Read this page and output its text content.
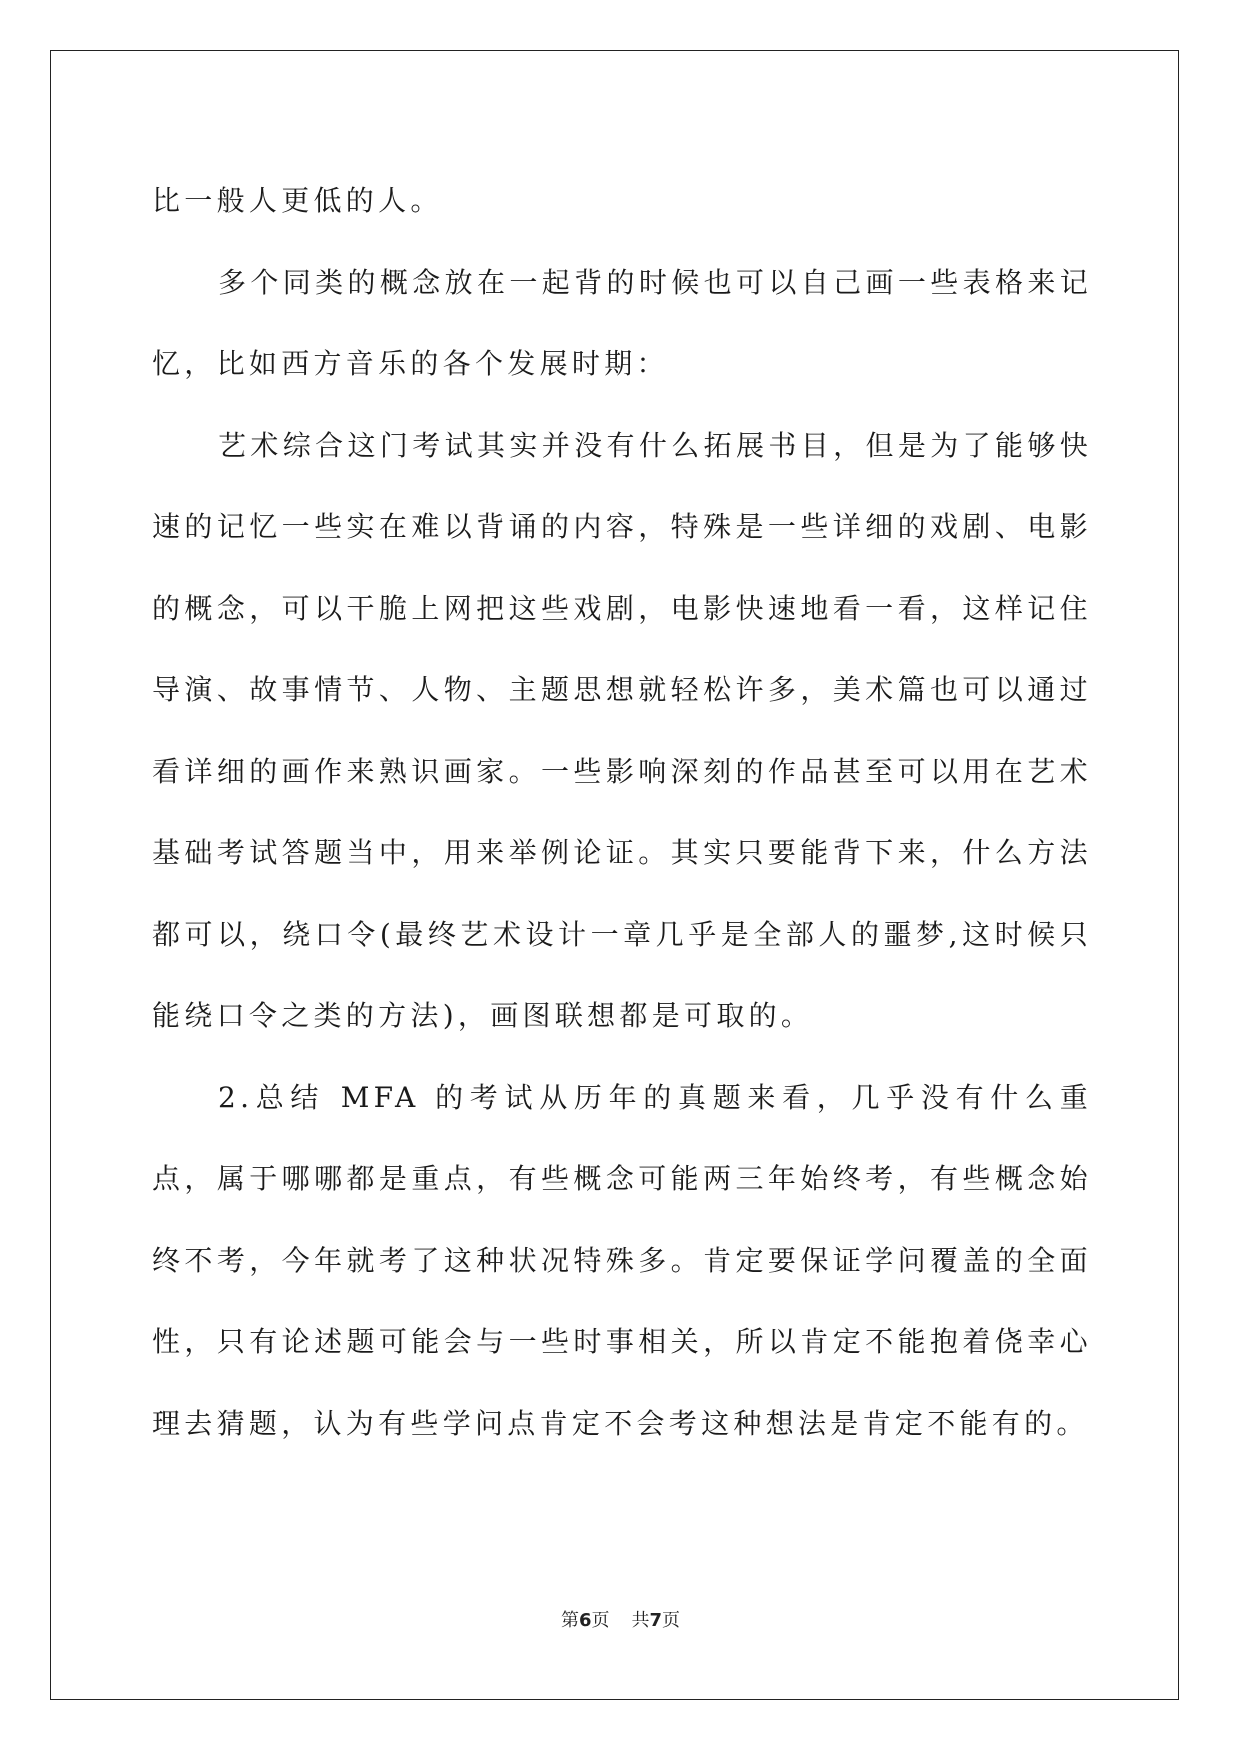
比一般人更低的人。

多个同类的概念放在一起背的时候也可以自己画一些表格来记忆，比如西方音乐的各个发展时期：

艺术综合这门考试其实并没有什么拓展书目，但是为了能够快速的记忆一些实在难以背诵的内容，特殊是一些详细的戏剧、电影的概念，可以干脆上网把这些戏剧，电影快速地看一看，这样记住导演、故事情节、人物、主题思想就轻松许多，美术篇也可以通过看详细的画作来熟识画家。一些影响深刻的作品甚至可以用在艺术基础考试答题当中，用来举例论证。其实只要能背下来，什么方法都可以，绕口令(最终艺术设计一章几乎是全部人的噩梦,这时候只能绕口令之类的方法)，画图联想都是可取的。

2.总结 MFA 的考试从历年的真题来看，几乎没有什么重点，属于哪哪都是重点，有些概念可能两三年始终考，有些概念始终不考，今年就考了这种状况特殊多。肯定要保证学问覆盖的全面性，只有论述题可能会与一些时事相关，所以肯定不能抱着侥幸心理去猜题，认为有些学问点肯定不会考这种想法是肯定不能有的。

第6页 共7页
